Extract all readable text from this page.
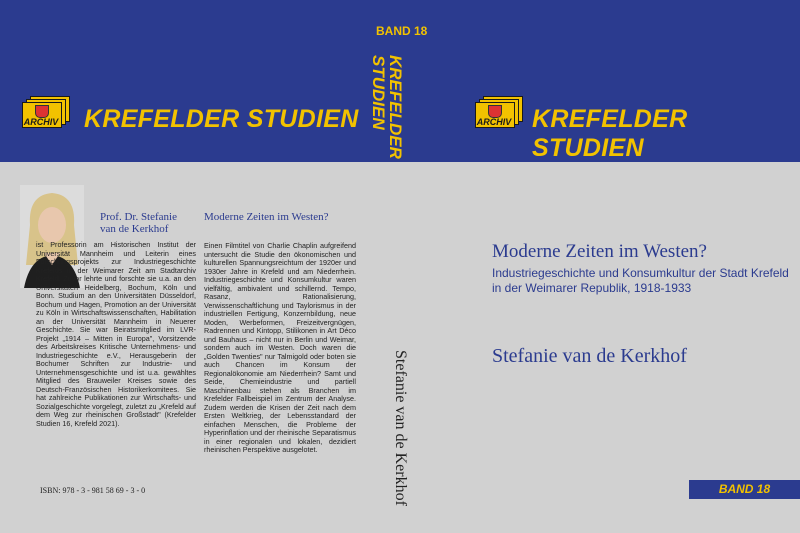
ARCHIV KREFELDER STUDIEN
BAND 18
KREFELDER STUDIEN
Stefanie van de Kerkhof
ARCHIV KREFELDER STUDIEN
Prof. Dr. Stefanie
van de Kerkhof
ist Professorin am Historischen Institut der Universität Mannheim und Leiterin eines Forschungsprojekts zur Industriegeschichte Krefelds in der Weimarer Zeit am Stadtarchiv Krefeld. Zuvor lehrte und forschte sie u.a. an den Universitäten Heidelberg, Bochum, Köln und Bonn. Studium an den Universitäten Düsseldorf, Bochum und Hagen, Promotion an der Universität zu Köln in Wirtschaftswissenschaften, Habilitation an der Universität Mannheim in Neuerer Geschichte. Sie war Beiratsmitglied im LVR-Projekt „1914 – Mitten in Europa", Vorsitzende des Arbeitskreises Kritische Unternehmens- und Industriegeschichte e.V., Herausgeberin der Bochumer Schriften zur Industrie- und Unternehmensgeschichte und ist u.a. gewähltes Mitglied des Brauweiler Kreises sowie des Deutsch-Französischen Historikerkomitees. Sie hat zahlreiche Publikationen zur Wirtschafts- und Sozialgeschichte vorgelegt, zuletzt zu „Krefeld auf dem Weg zur rheinischen Großstadt" (Krefelder Studien 16, Krefeld 2021).
Moderne Zeiten im Westen?
Einen Filmtitel von Charlie Chaplin aufgreifend untersucht die Studie den ökonomischen und kulturellen Spannungsreichtum der 1920er und 1930er Jahre in Krefeld und am Niederrhein. Industriegeschichte und Konsumkultur waren vielfältig, ambivalent und schillernd. Tempo, Rasanz, Rationalisierung, Verwissenschaftlichung und Taylorismus in der industriellen Fertigung, Konzernbildung, neue Moden, Werbeformen, Freizeitvergnügen, Radrennen und Kintopp, Stilikonen in Art Déco und Bauhaus – nicht nur in Berlin und Weimar, sondern auch im Westen. Doch waren die „Golden Twenties" nur Talmigold oder boten sie auch Chancen im Konsum der Regionalökonomie am Niederrhein? Samt und Seide, Chemieindustrie und partiell Maschinenbau stehen als Branchen im Krefelder Fallbeispiel im Zentrum der Analyse. Zudem werden die Krisen der Zeit nach dem Ersten Weltkrieg, der Lebensstandard der einfachen Menschen, die Probleme der Hyperinflation und der rheinische Separatismus in einer regionalen und lokalen, dezidiert rheinischen Perspektive ausgelotet.
ISBN: 978 - 3 - 981 58 69 - 3 - 0
Moderne Zeiten im Westen?
Industriegeschichte und Konsumkultur der Stadt Krefeld in der Weimarer Republik, 1918-1933
Stefanie van de Kerkhof
BAND 18
